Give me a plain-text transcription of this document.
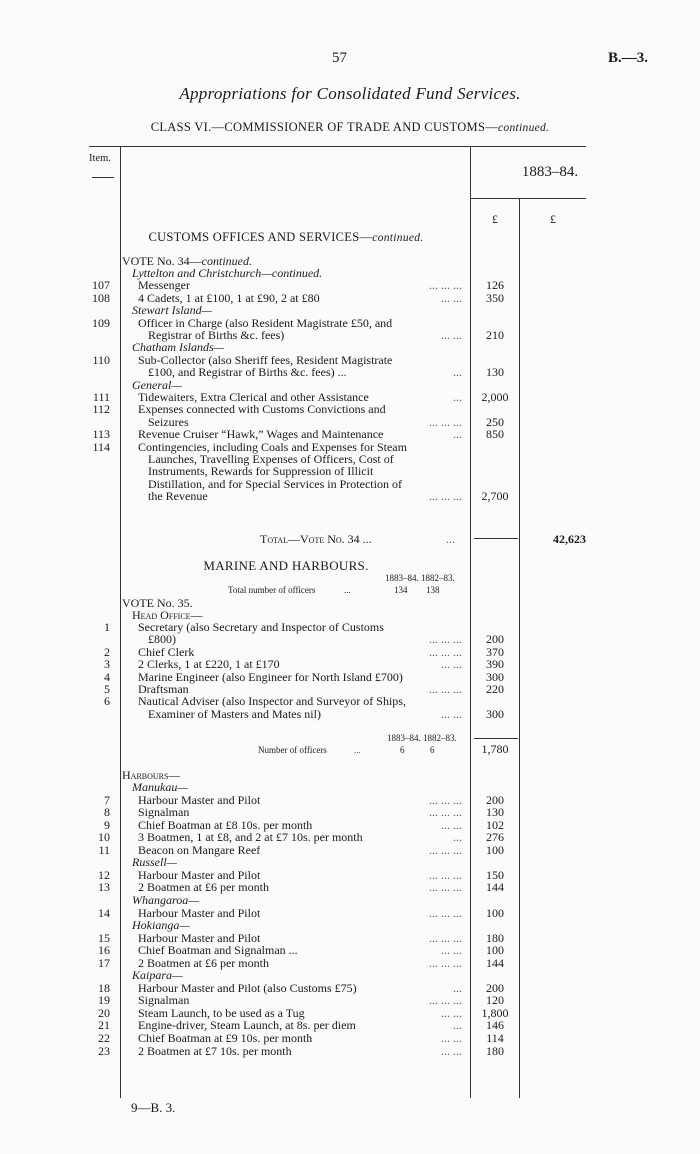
57	B.—3.
Appropriations for Consolidated Fund Services.
CLASS VI.—COMMISSIONER OF TRADE AND CUSTOMS—continued.
Item.
1883–84.
£	£
CUSTOMS OFFICES AND SERVICES—continued.
VOTE No. 34—continued.
Lyttelton and Christchurch—continued.
107 Messenger	... ... ...	126
108 4 Cadets, 1 at £100, 1 at £90, 2 at £80	... ...	350
Stewart Island—
109 Officer in Charge (also Resident Magistrate £50, and
Registrar of Births &c. fees)	... ...	210
Chatham Islands—
110 Sub-Collector (also Sheriff fees, Resident Magistrate
£100, and Registrar of Births &c. fees) ...	...	130
General—
111 Tidewaiters, Extra Clerical and other Assistance	...	2,000
112 Expenses connected with Customs Convictions and
Seizures	... ... ...	250
113 Revenue Cruiser “Hawk,” Wages and Maintenance	...	850
114 Contingencies, including Coals and Expenses for Steam
Launches, Travelling Expenses of Officers, Cost of
Instruments, Rewards for Suppression of Illicit
Distillation, and for Special Services in Protection of
the Revenue	... ... ...	2,700
Total—Vote No. 34 ...	...	42,623
MARINE AND HARBOURS.
1883–84. 1882–83.
Total number of officers	...	134 138
VOTE No. 35.
Head Office—
1 Secretary (also Secretary and Inspector of Customs
£800)	... ... ...	200
2 Chief Clerk	... ... ...	370
3 2 Clerks, 1 at £220, 1 at £170	... ...	390
4 Marine Engineer (also Engineer for North Island £700)	300
5 Draftsman	... ... ...	220
6 Nautical Adviser (also Inspector and Surveyor of Ships,
Examiner of Masters and Mates nil)	... ...	300
1883–84. 1882–83.
Number of officers	...	6	6	1,780
Harbours—
Manukau—
7 Harbour Master and Pilot	... ... ...	200
8 Signalman	... ... ...	130
9 Chief Boatman at £8 10s. per month	... ...	102
10 3 Boatmen, 1 at £8, and 2 at £7 10s. per month	...	276
11 Beacon on Mangare Reef	... ... ...	100
Russell—
12 Harbour Master and Pilot	... ... ...	150
13 2 Boatmen at £6 per month	... ... ...	144
Whangaroa—
14 Harbour Master and Pilot	... ... ...	100
Hokianga—
15 Harbour Master and Pilot	... ... ...	180
16 Chief Boatman and Signalman ...	... ...	100
17 2 Boatmen at £6 per month	... ... ...	144
Kaipara—
18 Harbour Master and Pilot (also Customs £75)	...	200
19 Signalman	... ... ...	120
20 Steam Launch, to be used as a Tug	... ...	1,800
21 Engine-driver, Steam Launch, at 8s. per diem	...	146
22 Chief Boatman at £9 10s. per month	... ...	114
23 2 Boatmen at £7 10s. per month	... ...	180
9—B. 3.
